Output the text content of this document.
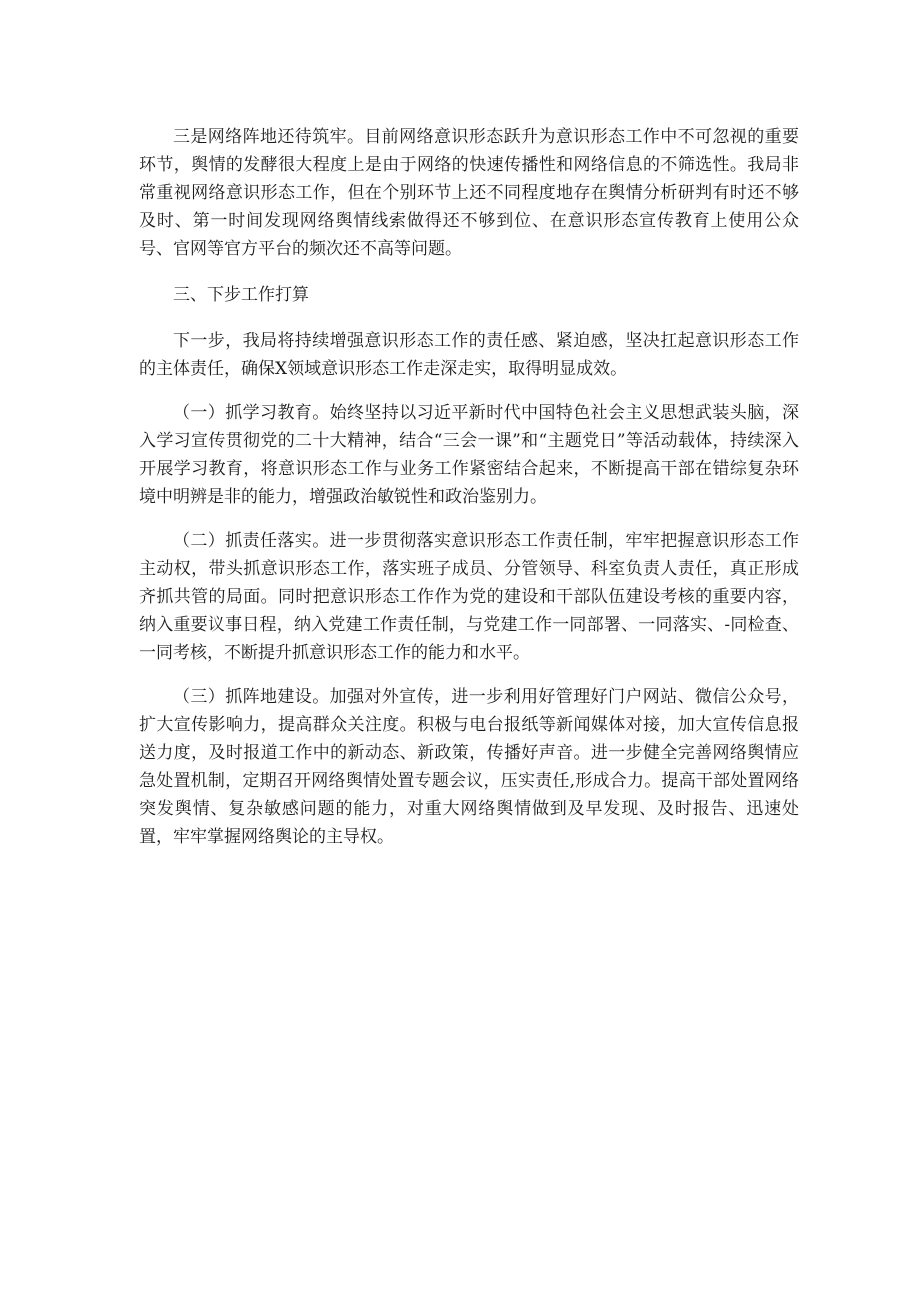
三是网络阵地还待筑牢。目前网络意识形态跃升为意识形态工作中不可忽视的重要环节，舆情的发酵很大程度上是由于网络的快速传播性和网络信息的不筛选性。我局非常重视网络意识形态工作，但在个别环节上还不同程度地存在舆情分析研判有时还不够及时、第一时间发现网络舆情线索做得还不够到位、在意识形态宣传教育上使用公众号、官网等官方平台的频次还不高等问题。

三、下步工作打算

下一步，我局将持续增强意识形态工作的责任感、紧迫感，坚决扛起意识形态工作的主体责任，确保X领域意识形态工作走深走实，取得明显成效。

（一）抓学习教育。始终坚持以习近平新时代中国特色社会主义思想武装头脑，深入学习宣传贯彻党的二十大精神，结合“三会一课”和“主题党日”等活动载体，持续深入开展学习教育，将意识形态工作与业务工作紧密结合起来，不断提高干部在错综复杂环境中明辨是非的能力，增强政治敏锐性和政治鉴别力。

（二）抓责任落实。进一步贯彻落实意识形态工作责任制，牢牢把握意识形态工作主动权，带头抓意识形态工作，落实班子成员、分管领导、科室负责人责任，真正形成齐抓共管的局面。同时把意识形态工作作为党的建设和干部队伍建设考核的重要内容，纳入重要议事日程，纳入党建工作责任制，与党建工作一同部署、一同落实、-同检查、一同考核，不断提升抓意识形态工作的能力和水平。

（三）抓阵地建设。加强对外宣传，进一步利用好管理好门户网站、微信公众号，扩大宣传影响力，提高群众关注度。积极与电台报纸等新闻媒体对接，加大宣传信息报送力度，及时报道工作中的新动态、新政策，传播好声音。进一步健全完善网络舆情应急处置机制，定期召开网络舆情处置专题会议，压实责任,形成合力。提高干部处置网络突发舆情、复杂敏感问题的能力，对重大网络舆情做到及早发现、及时报告、迅速处置，牢牢掌握网络舆论的主导权。
